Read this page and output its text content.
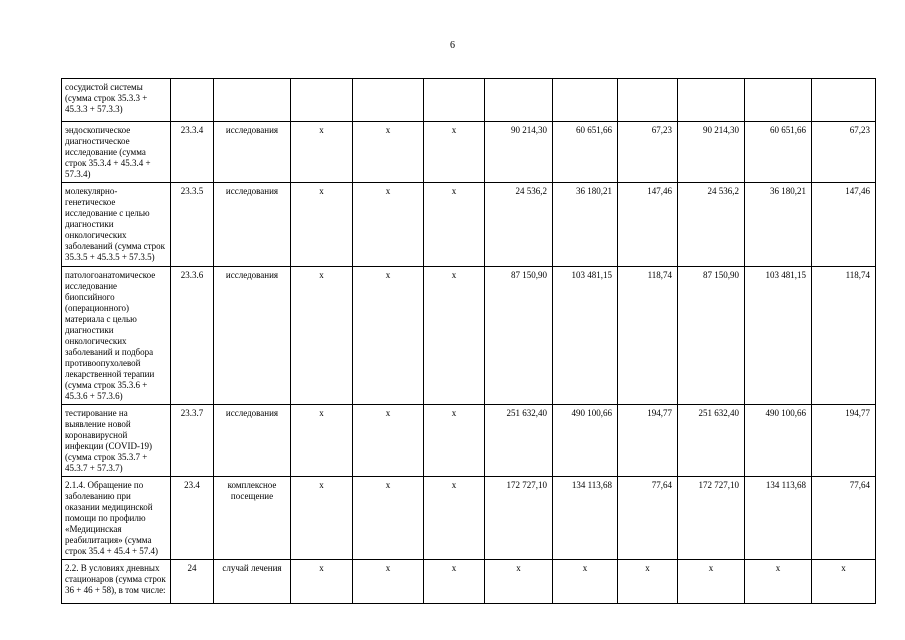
6
сосудистой системы (сумма строк 35.3.3 + 45.3.3 + 57.3.3)											
эндоскопическое диагностическое исследование (сумма строк 35.3.4 + 45.3.4 + 57.3.4)	23.3.4	исследования	x	x	x	90 214,30	60 651,66	67,23	90 214,30	60 651,66	67,23
молекулярно-генетическое исследование с целью диагностики онкологических заболеваний (сумма строк 35.3.5 + 45.3.5 + 57.3.5)	23.3.5	исследования	x	x	x	24 536,2	36 180,21	147,46	24 536,2	36 180,21	147,46
патологоанатомическое исследование биопсийного (операционного) материала с целью диагностики онкологических заболеваний и подбора противоопухолевой лекарственной терапии (сумма строк 35.3.6 + 45.3.6 + 57.3.6)	23.3.6	исследования	x	x	x	87 150,90	103 481,15	118,74	87 150,90	103 481,15	118,74
тестирование на выявление новой коронавирусной инфекции (COVID-19) (сумма строк 35.3.7 + 45.3.7 + 57.3.7)	23.3.7	исследования	x	x	x	251 632,40	490 100,66	194,77	251 632,40	490 100,66	194,77
2.1.4. Обращение по заболеванию при оказании медицинской помощи по профилю «Медицинская реабилитация» (сумма строк 35.4 + 45.4 + 57.4)	23.4	комплексное посещение	x	x	x	172 727,10	134 113,68	77,64	172 727,10	134 113,68	77,64
2.2. В условиях дневных стационаров (сумма строк 36 + 46 + 58), в том числе:	24	случай лечения	x	x	x	x	x	x	x	x	x
